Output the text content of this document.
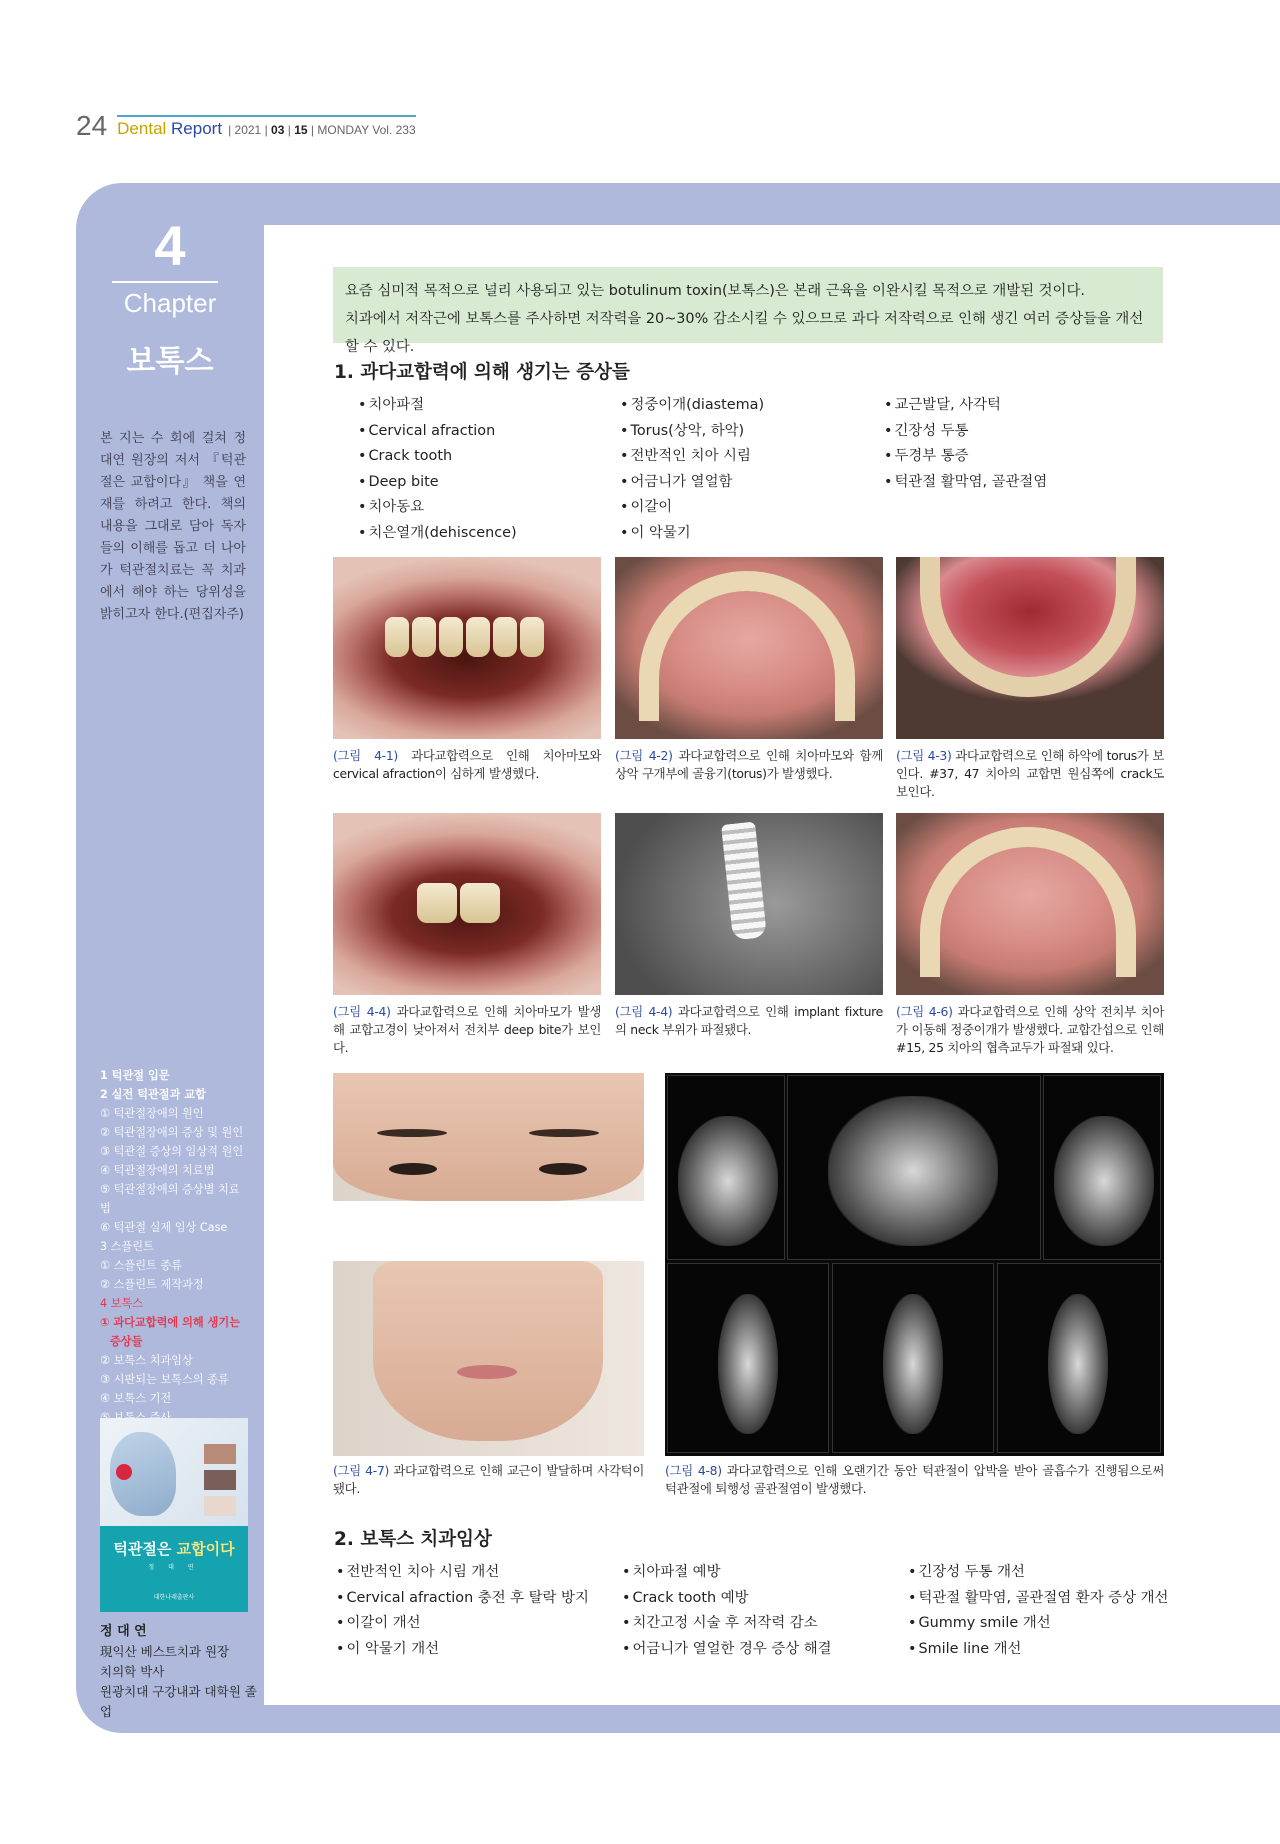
24 Dental
Report | 2021 | 03 | 15 | MONDAY Vol. 233
4
Chapter
보톡스
본 지는 수 회에 걸쳐 정대연 원장의 저서 『턱관절은 교합이다』 책을 연재를 하려고 한다. 책의 내용을 그대로 담아 독자들의 이해를 돕고 더 나아가 턱관절치료는 꼭 치과에서 해야 하는 당위성을 밝히고자 한다.(편집자주)
1 턱관절 입문
2 실전 턱관절과 교합
① 턱관절장애의 원인
② 턱관절장애의 증상 및 원인
③ 턱관절 증상의 임상적 원인
④ 턱관절장애의 치료법
⑤ 턱관절장애의 증상별 치료법
⑥ 턱관절 실제 임상 Case
3 스플린트
① 스플린트 종류
② 스플린트 제작과정
4 보톡스
① 과다교합력에 의해 생기는
증상들
② 보톡스 치과임상
③ 시판되는 보톡스의 종류
④ 보톡스 기전
턱관절은 교합이다
정 대 연
대한나래출판사
정 대 연
現익산 베스트치과 원장
치의학 박사
원광치대 구강내과 대학원 졸업
요즘 심미적 목적으로 널리 사용되고 있는 botulinum toxin(보톡스)은 본래 근육을 이완시킬 목적으로 개발된 것이다.
치과에서 저작근에 보톡스를 주사하면 저작력을 20~30% 감소시킬 수 있으므로 과다 저작력으로 인해 생긴 여러 증상들을 개선할 수 있다.
1. 과다교합력에 의해 생기는 증상들
• 치아파절
• Cervical afraction
• Crack tooth
• Deep bite
• 치아동요
• 치은열개(dehiscence)
• 정중이개(diastema)
• Torus(상악, 하악)
• 전반적인 치아 시림
• 어금니가 열얼함
• 이갈이
• 이 악물기
• 교근발달, 사각턱
• 긴장성 두통
• 두경부 통증
• 턱관절 활막염, 골관절염
(그림 4-1) 과다교합력으로 인해 치아마모와 cervical afraction이 심하게 발생했다.
(그림 4-2) 과다교합력으로 인해 치아마모와 함께 상악 구개부에 골융기(torus)가 발생했다.
(그림 4-3) 과다교합력으로 인해 하악에 torus가 보인다. #37, 47 치아의 교합면 원심쪽에 crack도 보인다.
(그림 4-4) 과다교합력으로 인해 치아마모가 발생해 교합고경이 낮아져서 전치부 deep bite가 보인다.
(그림 4-4) 과다교합력으로 인해 implant fixture의 neck 부위가 파절됐다.
(그림 4-6) 과다교합력으로 인해 상악 전치부 치아가 이동해 정중이개가 발생했다. 교합간섭으로 인해 #15, 25 치아의 협측교두가 파절돼 있다.
(그림 4-7) 과다교합력으로 인해 교근이 발달하며 사각턱이 됐다.
(그림 4-8) 과다교합력으로 인해 오랜기간 동안 턱관절이 압박을 받아 골흡수가 진행됨으로써 턱관절에 퇴행성 골관절염이 발생했다.
2. 보톡스 치과임상
• 전반적인 치아 시림 개선
• Cervical afraction 충전 후 탈락 방지
• 이갈이 개선
• 이 악물기 개선
• 치아파절 예방
• Crack tooth 예방
• 치간고정 시술 후 저작력 감소
• 어금니가 열얼한 경우 증상 해결
• 긴장성 두통 개선
• 턱관절 활막염, 골관절염 환자 증상 개선
• Gummy smile 개선
• Smile line 개선
